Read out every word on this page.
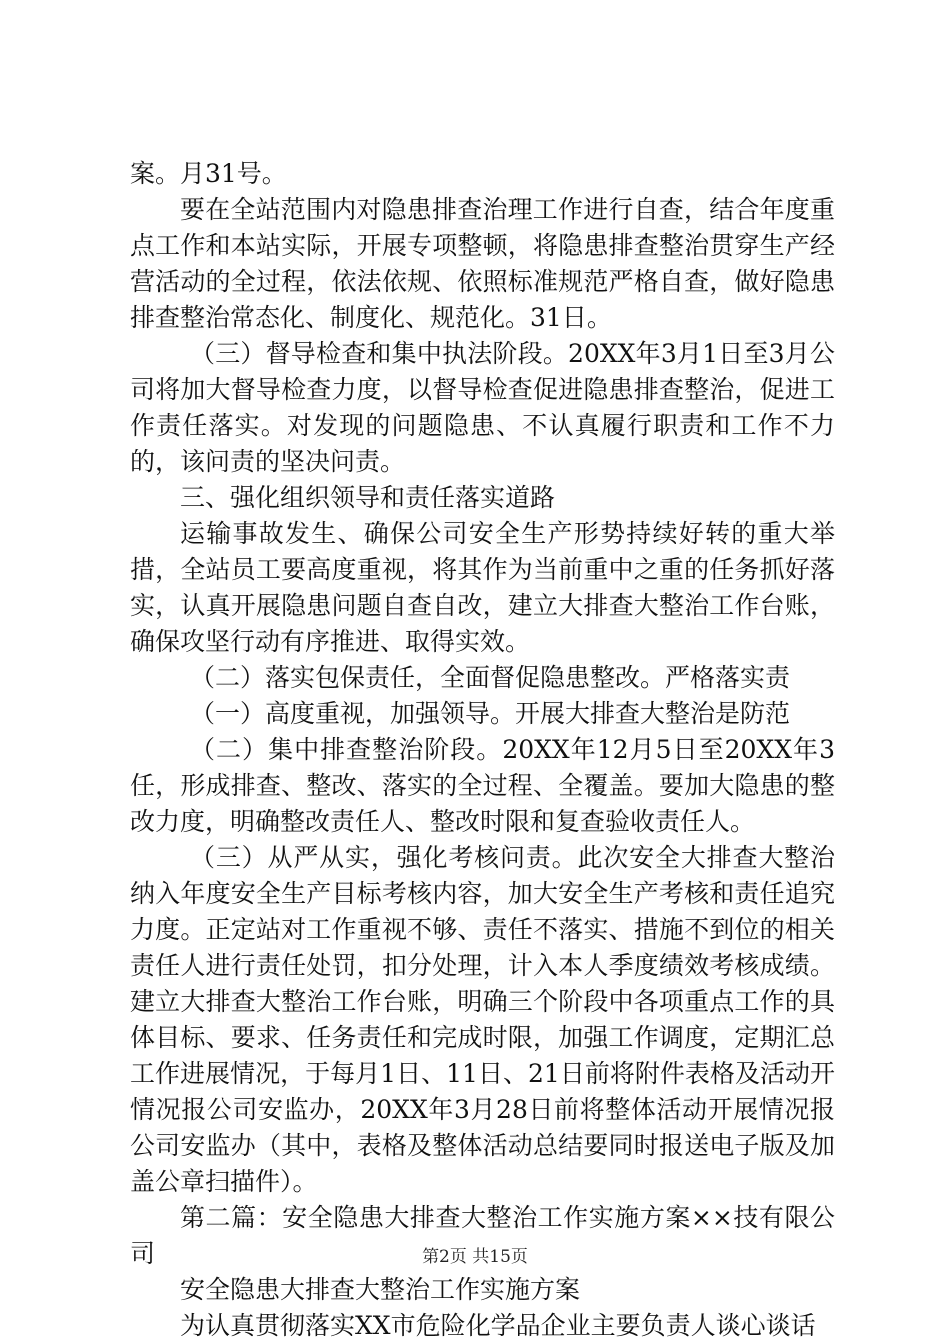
案。月31号。

要在全站范围内对隐患排查治理工作进行自查，结合年度重点工作和本站实际，开展专项整顿，将隐患排查整治贯穿生产经营活动的全过程，依法依规、依照标准规范严格自查，做好隐患排查整治常态化、制度化、规范化。31日。

（三）督导检查和集中执法阶段。20XX年3月1日至3月公司将加大督导检查力度，以督导检查促进隐患排查整治，促进工作责任落实。对发现的问题隐患、不认真履行职责和工作不力的，该问责的坚决问责。

三、强化组织领导和责任落实道路

运输事故发生、确保公司安全生产形势持续好转的重大举措，全站员工要高度重视，将其作为当前重中之重的任务抓好落实，认真开展隐患问题自查自改，建立大排查大整治工作台账，确保攻坚行动有序推进、取得实效。

（二）落实包保责任，全面督促隐患整改。严格落实责

（一）高度重视，加强领导。开展大排查大整治是防范

（二）集中排查整治阶段。20XX年12月5日至20XX年3任，形成排查、整改、落实的全过程、全覆盖。要加大隐患的整改力度，明确整改责任人、整改时限和复查验收责任人。

（三）从严从实，强化考核问责。此次安全大排查大整治纳入年度安全生产目标考核内容，加大安全生产考核和责任追究力度。正定站对工作重视不够、责任不落实、措施不到位的相关责任人进行责任处罚，扣分处理，计入本人季度绩效考核成绩。建立大排查大整治工作台账，明确三个阶段中各项重点工作的具体目标、要求、任务责任和完成时限，加强工作调度，定期汇总工作进展情况，于每月1日、11日、21日前将附件表格及活动开情况报公司安监办，20XX年3月28日前将整体活动开展情况报公司安监办（其中，表格及整体活动总结要同时报送电子版及加盖公章扫描件）。

第二篇：安全隐患大排查大整治工作实施方案××技有限公司

安全隐患大排查大整治工作实施方案

为认真贯彻落实XX市危险化学品企业主要负责人谈心谈话

第2页 共15页
